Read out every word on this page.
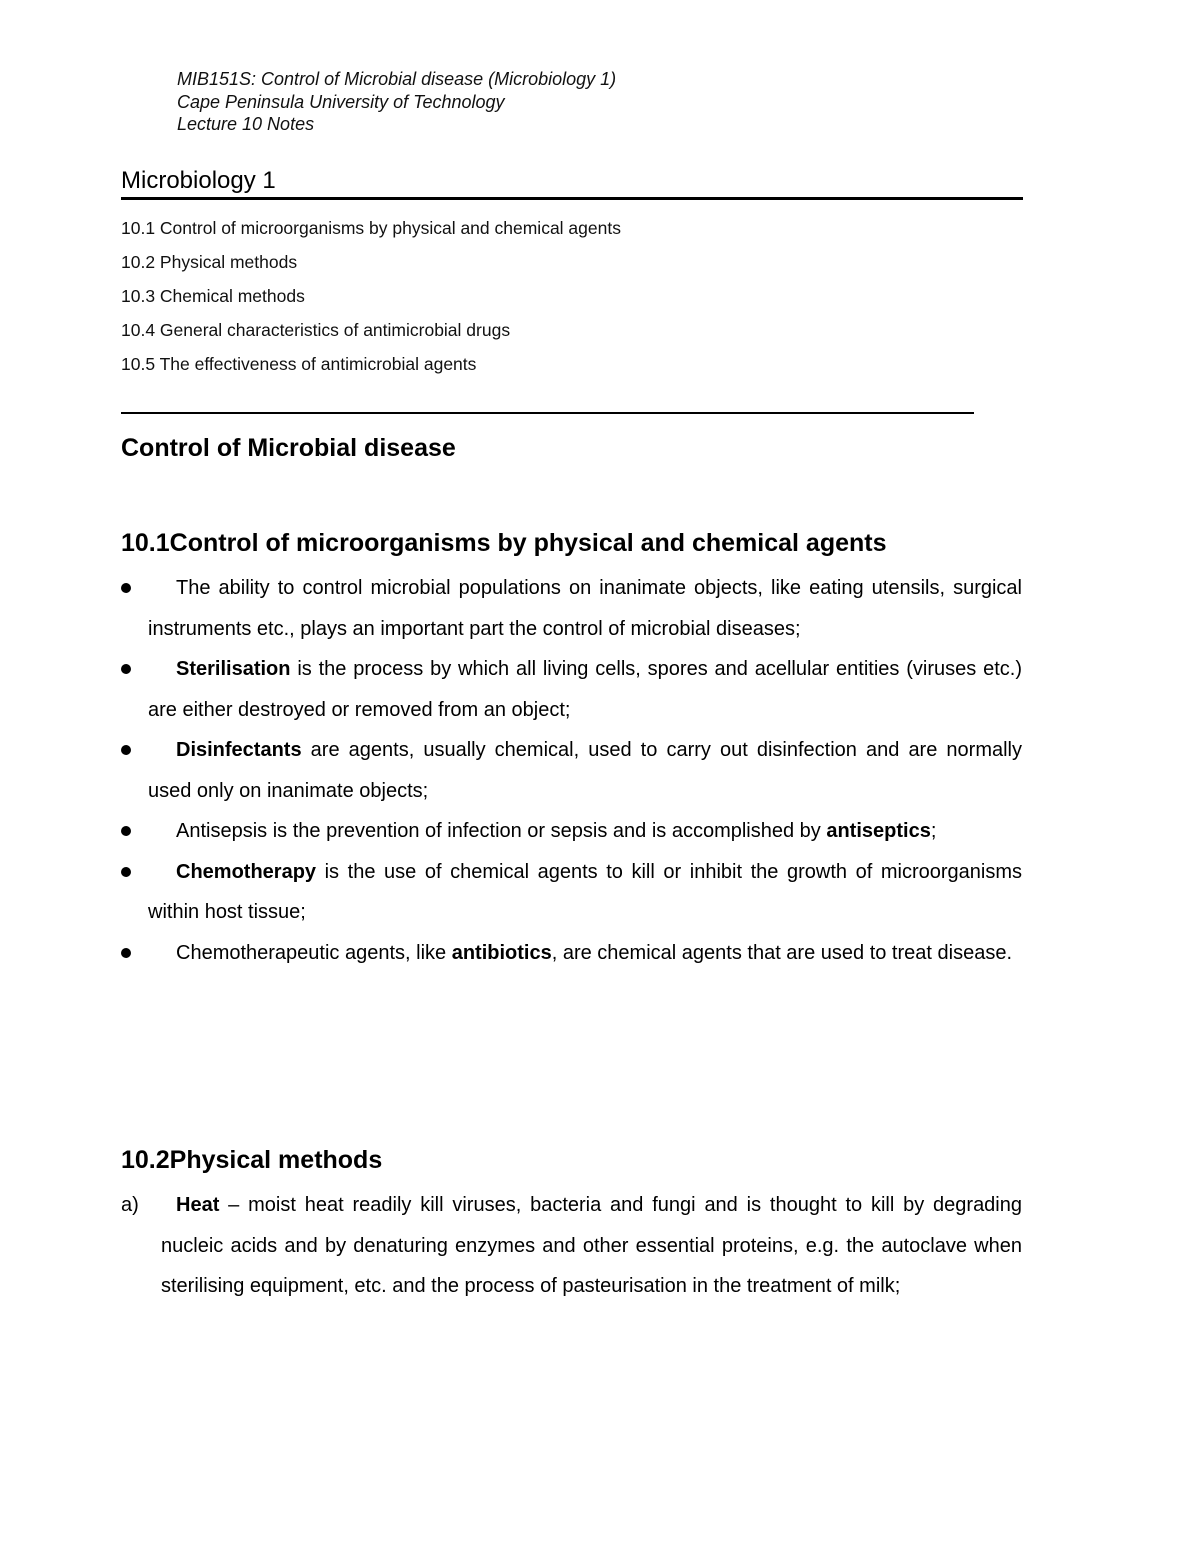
MIB151S: Control of Microbial disease (Microbiology 1)
Cape Peninsula University of Technology
Lecture 10 Notes
Microbiology 1
10.1 Control of microorganisms by physical and chemical agents
10.2 Physical methods
10.3 Chemical methods
10.4 General characteristics of antimicrobial drugs
10.5 The effectiveness of antimicrobial agents
Control of Microbial disease
10.1Control of microorganisms by physical and chemical agents
The ability to control microbial populations on inanimate objects, like eating utensils, surgical instruments etc., plays an important part the control of microbial diseases;
Sterilisation is the process by which all living cells, spores and acellular entities (viruses etc.) are either destroyed or removed from an object;
Disinfectants are agents, usually chemical, used to carry out disinfection and are normally used only on inanimate objects;
Antisepsis is the prevention of infection or sepsis and is accomplished by antiseptics;
Chemotherapy is the use of chemical agents to kill or inhibit the growth of microorganisms within host tissue;
Chemotherapeutic agents, like antibiotics, are chemical agents that are used to treat disease.
10.2Physical methods
a)	Heat – moist heat readily kill viruses, bacteria and fungi and is thought to kill by degrading nucleic acids and by denaturing enzymes and other essential proteins, e.g. the autoclave when sterilising equipment, etc. and the process of pasteurisation in the treatment of milk;
